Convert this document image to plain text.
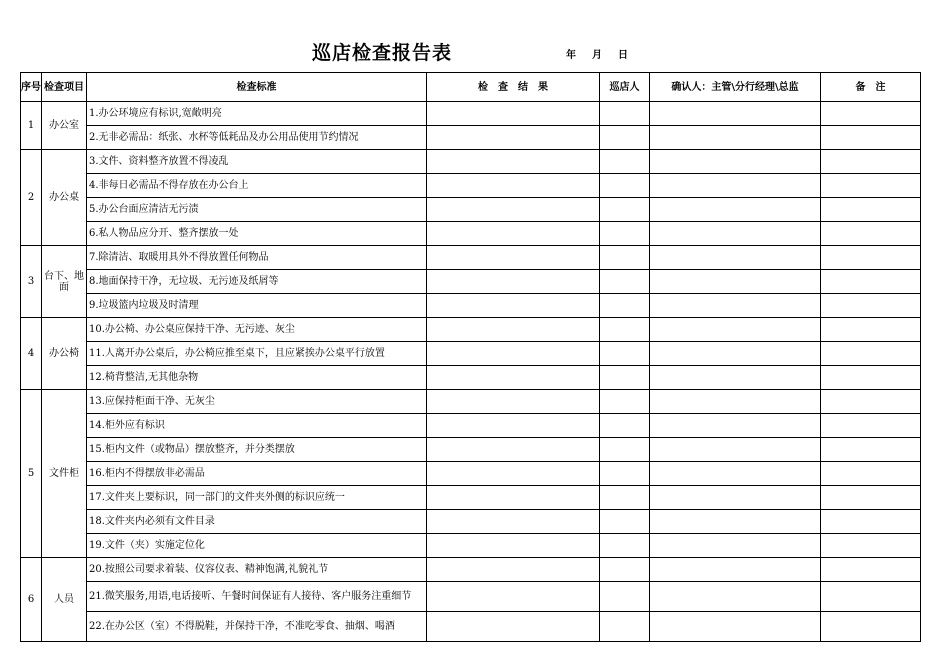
巡店检查报告表	年 月 日
序号	检查项目	检查标准	检　查　结　果	巡店人	确认人：主管\分行经理\总监	备　注
1	办公室	1.办公环境应有标识,宽敞明亮				
		2.无非必需品：纸张、水杯等低耗品及办公用品使用节约情况				
2	办公桌	3.文件、资料整齐放置不得凌乱				
		4.非每日必需品不得存放在办公台上				
		5.办公台面应清洁无污渍				
		6.私人物品应分开、整齐摆放一处				
3	台下、地面	7.除清洁、取暖用具外不得放置任何物品				
		8.地面保持干净，无垃圾、无污迹及纸屑等				
		9.垃圾篮内垃圾及时清理				
4	办公椅	10.办公椅、办公桌应保持干净、无污迹、灰尘				
		11.人离开办公桌后，办公椅应推至桌下，且应紧挨办公桌平行放置				
		12.椅背整洁,无其他杂物				
5	文件柜	13.应保持柜面干净、无灰尘				
		14.柜外应有标识				
		15.柜内文件（或物品）摆放整齐，并分类摆放				
		16.柜内不得摆放非必需品				
		17.文件夹上要标识，同一部门的文件夹外侧的标识应统一				
		18.文件夹内必须有文件目录				
		19.文件（夹）实施定位化				
6	人员	20.按照公司要求着装、仪容仪表、精神饱满,礼貌礼节				
		21.微笑服务,用语,电话接听、午餐时间保证有人接待、客户服务注重细节				
		22.在办公区（室）不得脱鞋，并保持干净，不准吃零食、抽烟、喝酒				
